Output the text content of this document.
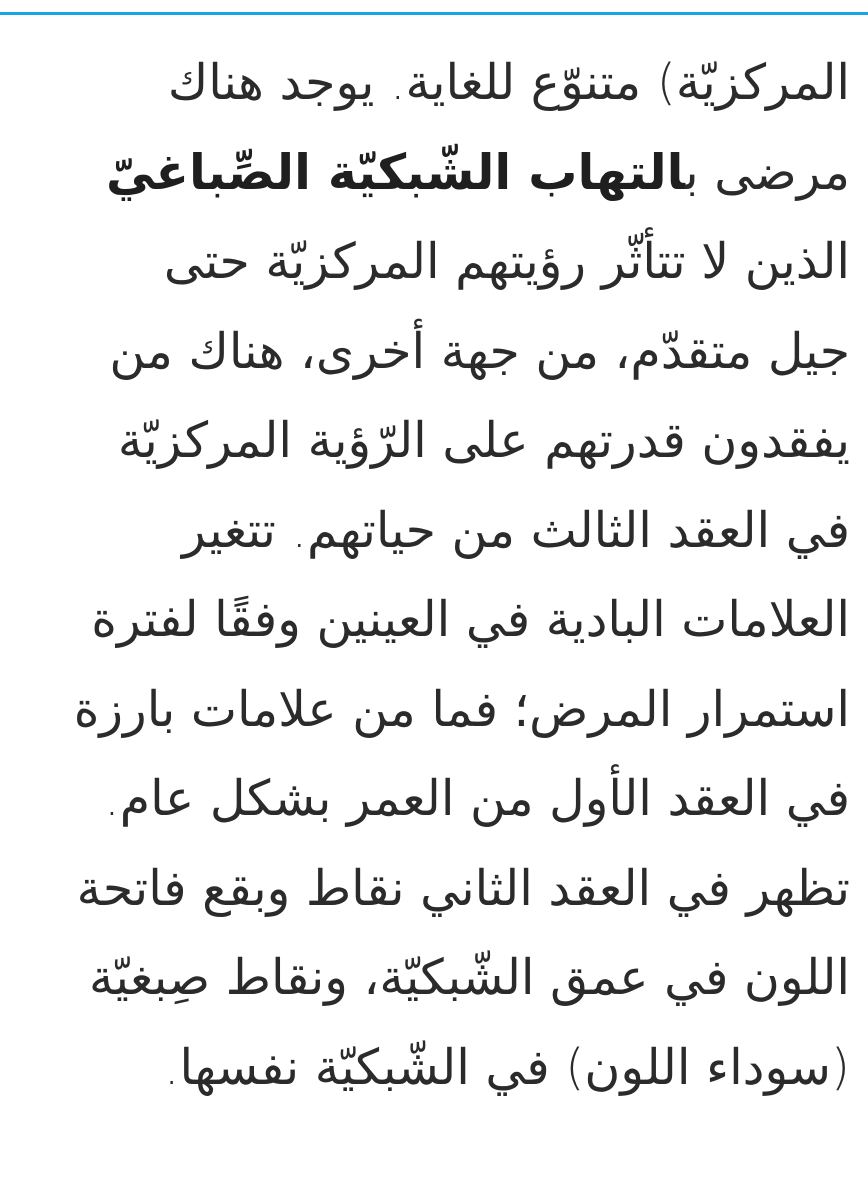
المركزيّة) متنوّع للغاية. يوجد هناك
مرضى بالتهاب الشّبكيّة الصِّباغيّ
الذين لا تتأثّر رؤيتهم المركزيّة حتى
جيل متقدّم، من جهة أخرى، هناك من
يفقدون قدرتهم على الرّؤية المركزيّة
في العقد الثالث من حياتهم. تتغير
العلامات البادية في العينين وفقًا لفترة
استمرار المرض؛ فما من علامات بارزة
في العقد الأول من العمر بشكل عام.
تظهر في العقد الثاني نقاط وبقع فاتحة
اللون في عمق الشّبكيّة، ونقاط صِبغيّة
(سوداء اللون) في الشّبكيّة نفسها.
